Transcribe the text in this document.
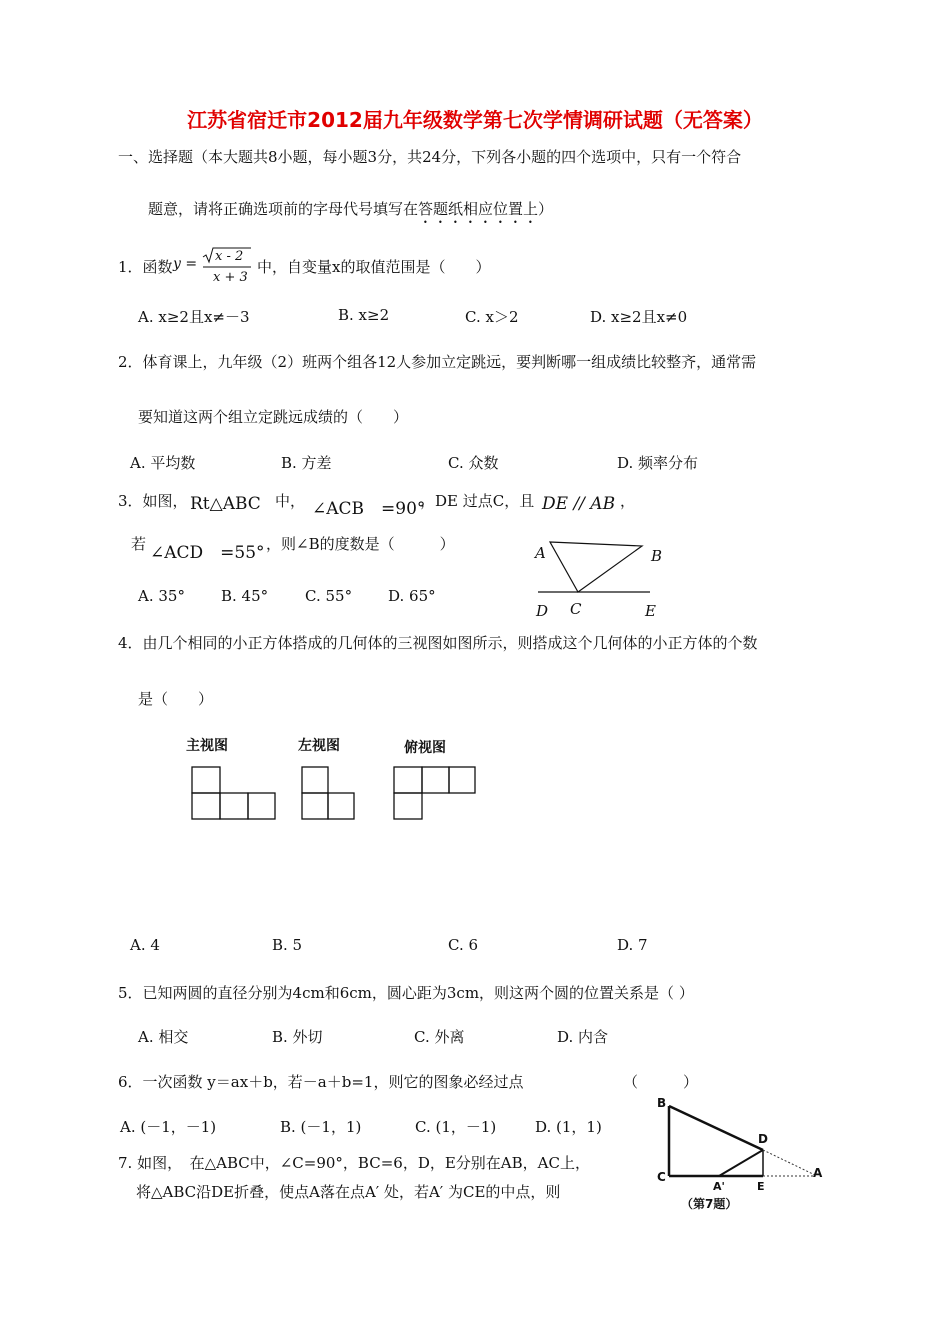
江苏省宿迁市2012届九年级数学第七次学情调研试题（无答案）
一、选择题（本大题共8小题，每小题3分，共24分，下列各小题的四个选项中，只有一个符合
题意，请将正确选项前的字母代号填写在答题纸相应位置上）
1．函数 y = x - 2
x + 3
中，自变量x的取值范围是（　　）
A. x≥2且x≠－3	B. x≥2	C. x＞2	D. x≥2且x≠0
2．体育课上，九年级（2）班两个组各12人参加立定跳远，要判断哪一组成绩比较整齐，通常需
要知道这两个组立定跳远成绩的（　　）
A. 平均数	B. 方差	C. 众数	D. 频率分布
3．如图， Rt△ABC 中， ∠ACB　=90°
，DE 过点C，且 DE // AB ，
若 ∠ACD　=55° ，则∠B的度数是（　　　）
A. 35° B. 45° C. 55° D. 65°
A	B
D C	E
4．由几个相同的小正方体搭成的几何体的三视图如图所示，则搭成这个几何体的小正方体的个数
是（　　）
主视图	左视图	俯视图
A. 4	B. 5	C. 6	D. 7
5．已知两圆的直径分别为4cm和6cm，圆心距为3cm，则这两个圆的位置关系是（ ）
A. 相交	B. 外切	C. 外离	D. 内含
6．一次函数 y＝ax＋b，若－a＋b=1，则它的图象必经过点	（　　　）
A. (－1，－1)	B. (－1，1)	C. (1，－1)	D. (1，1)
7. 如图，　在△ABC中，∠C=90°，BC=6，D，E分别在AB，AC上，
将△ABC沿DE折叠，使点A落在点A′ 处，若A′ 为CE的中点，则
B
D
C
A'	E
A
（第7题）
